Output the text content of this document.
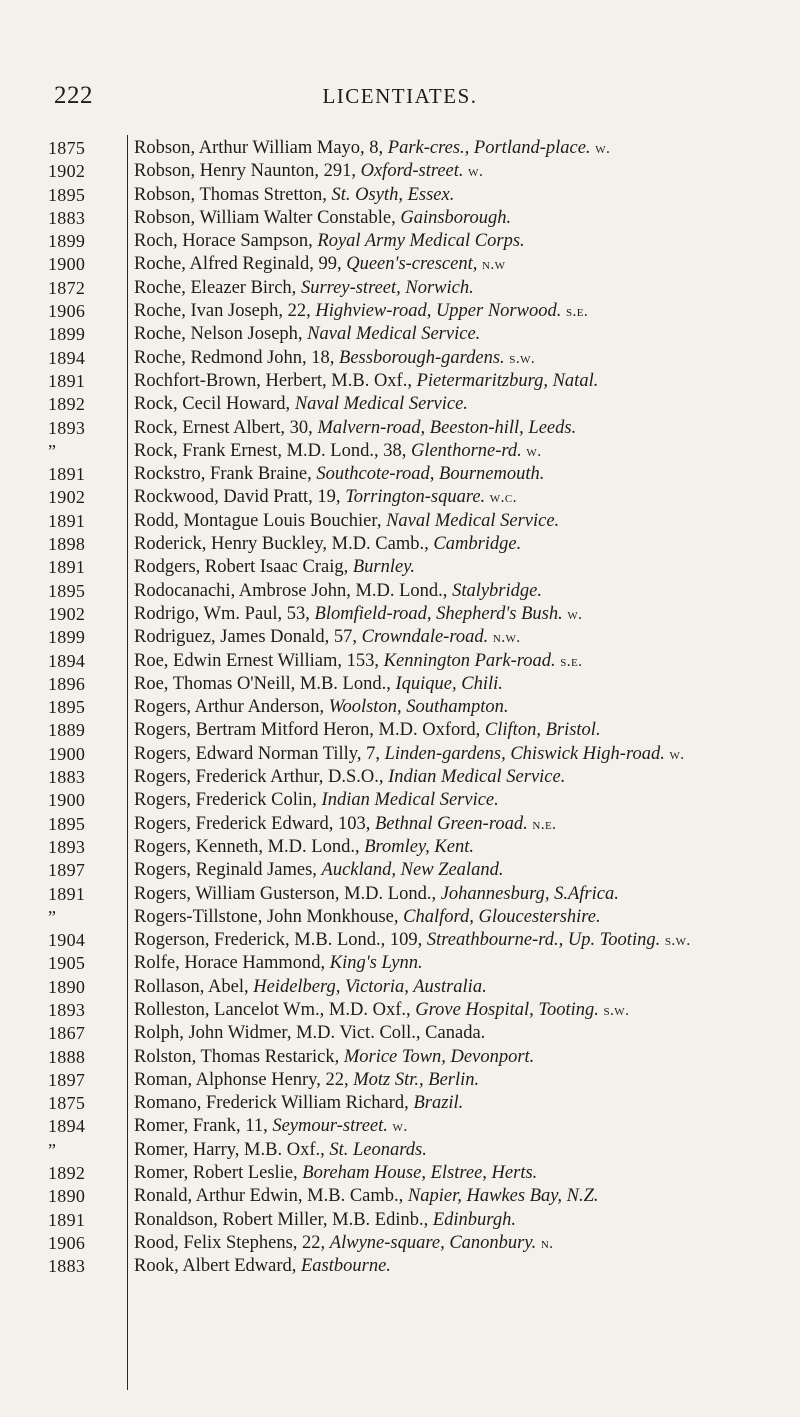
222	LICENTIATES.
1875	Robson, Arthur William Mayo, 8, Park-cres., Portland-place. w.
1902	Robson, Henry Naunton, 291, Oxford-street. w.
1895	Robson, Thomas Stretton, St. Osyth, Essex.
1883	Robson, William Walter Constable, Gainsborough.
1899	Roch, Horace Sampson, Royal Army Medical Corps.
1900	Roche, Alfred Reginald, 99, Queen's-crescent, n.w
1872	Roche, Eleazer Birch, Surrey-street, Norwich.
1906	Roche, Ivan Joseph, 22, Highview-road, Upper Norwood. s.e.
1899	Roche, Nelson Joseph, Naval Medical Service.
1894	Roche, Redmond John, 18, Bessborough-gardens. s.w.
1891	Rochfort-Brown, Herbert, M.B. Oxf., Pietermaritzburg, Natal.
1892	Rock, Cecil Howard, Naval Medical Service.
1893	Rock, Ernest Albert, 30, Malvern-road, Beeston-hill, Leeds.
”	Rock, Frank Ernest, M.D. Lond., 38, Glenthorne-rd. w.
1891	Rockstro, Frank Braine, Southcote-road, Bournemouth.
1902	Rockwood, David Pratt, 19, Torrington-square. w.c.
1891	Rodd, Montague Louis Bouchier, Naval Medical Service.
1898	Roderick, Henry Buckley, M.D. Camb., Cambridge.
1891	Rodgers, Robert Isaac Craig, Burnley.
1895	Rodocanachi, Ambrose John, M.D. Lond., Stalybridge.
1902	Rodrigo, Wm. Paul, 53, Blomfield-road, Shepherd's Bush. w.
1899	Rodriguez, James Donald, 57, Crowndale-road. n.w.
1894	Roe, Edwin Ernest William, 153, Kennington Park-road. s.e.
1896	Roe, Thomas O'Neill, M.B. Lond., Iquique, Chili.
1895	Rogers, Arthur Anderson, Woolston, Southampton.
1889	Rogers, Bertram Mitford Heron, M.D. Oxford, Clifton, Bristol.
1900	Rogers, Edward Norman Tilly, 7, Linden-gardens, Chiswick High-road. w.
1883	Rogers, Frederick Arthur, D.S.O., Indian Medical Service.
1900	Rogers, Frederick Colin, Indian Medical Service.
1895	Rogers, Frederick Edward, 103, Bethnal Green-road. n.e.
1893	Rogers, Kenneth, M.D. Lond., Bromley, Kent.
1897	Rogers, Reginald James, Auckland, New Zealand.
1891	Rogers, William Gusterson, M.D. Lond., Johannesburg, S.Africa.
”	Rogers-Tillstone, John Monkhouse, Chalford, Gloucestershire.
1904	Rogerson, Frederick, M.B. Lond., 109, Streathbourne-rd., Up. Tooting. s.w.
1905	Rolfe, Horace Hammond, King's Lynn.
1890	Rollason, Abel, Heidelberg, Victoria, Australia.
1893	Rolleston, Lancelot Wm., M.D. Oxf., Grove Hospital, Tooting. s.w.
1867	Rolph, John Widmer, M.D. Vict. Coll., Canada.
1888	Rolston, Thomas Restarick, Morice Town, Devonport.
1897	Roman, Alphonse Henry, 22, Motz Str., Berlin.
1875	Romano, Frederick William Richard, Brazil.
1894	Romer, Frank, 11, Seymour-street. w.
”	Romer, Harry, M.B. Oxf., St. Leonards.
1892	Romer, Robert Leslie, Boreham House, Elstree, Herts.
1890	Ronald, Arthur Edwin, M.B. Camb., Napier, Hawkes Bay, N.Z.
1891	Ronaldson, Robert Miller, M.B. Edinb., Edinburgh.
1906	Rood, Felix Stephens, 22, Alwyne-square, Canonbury. n.
1883	Rook, Albert Edward, Eastbourne.
